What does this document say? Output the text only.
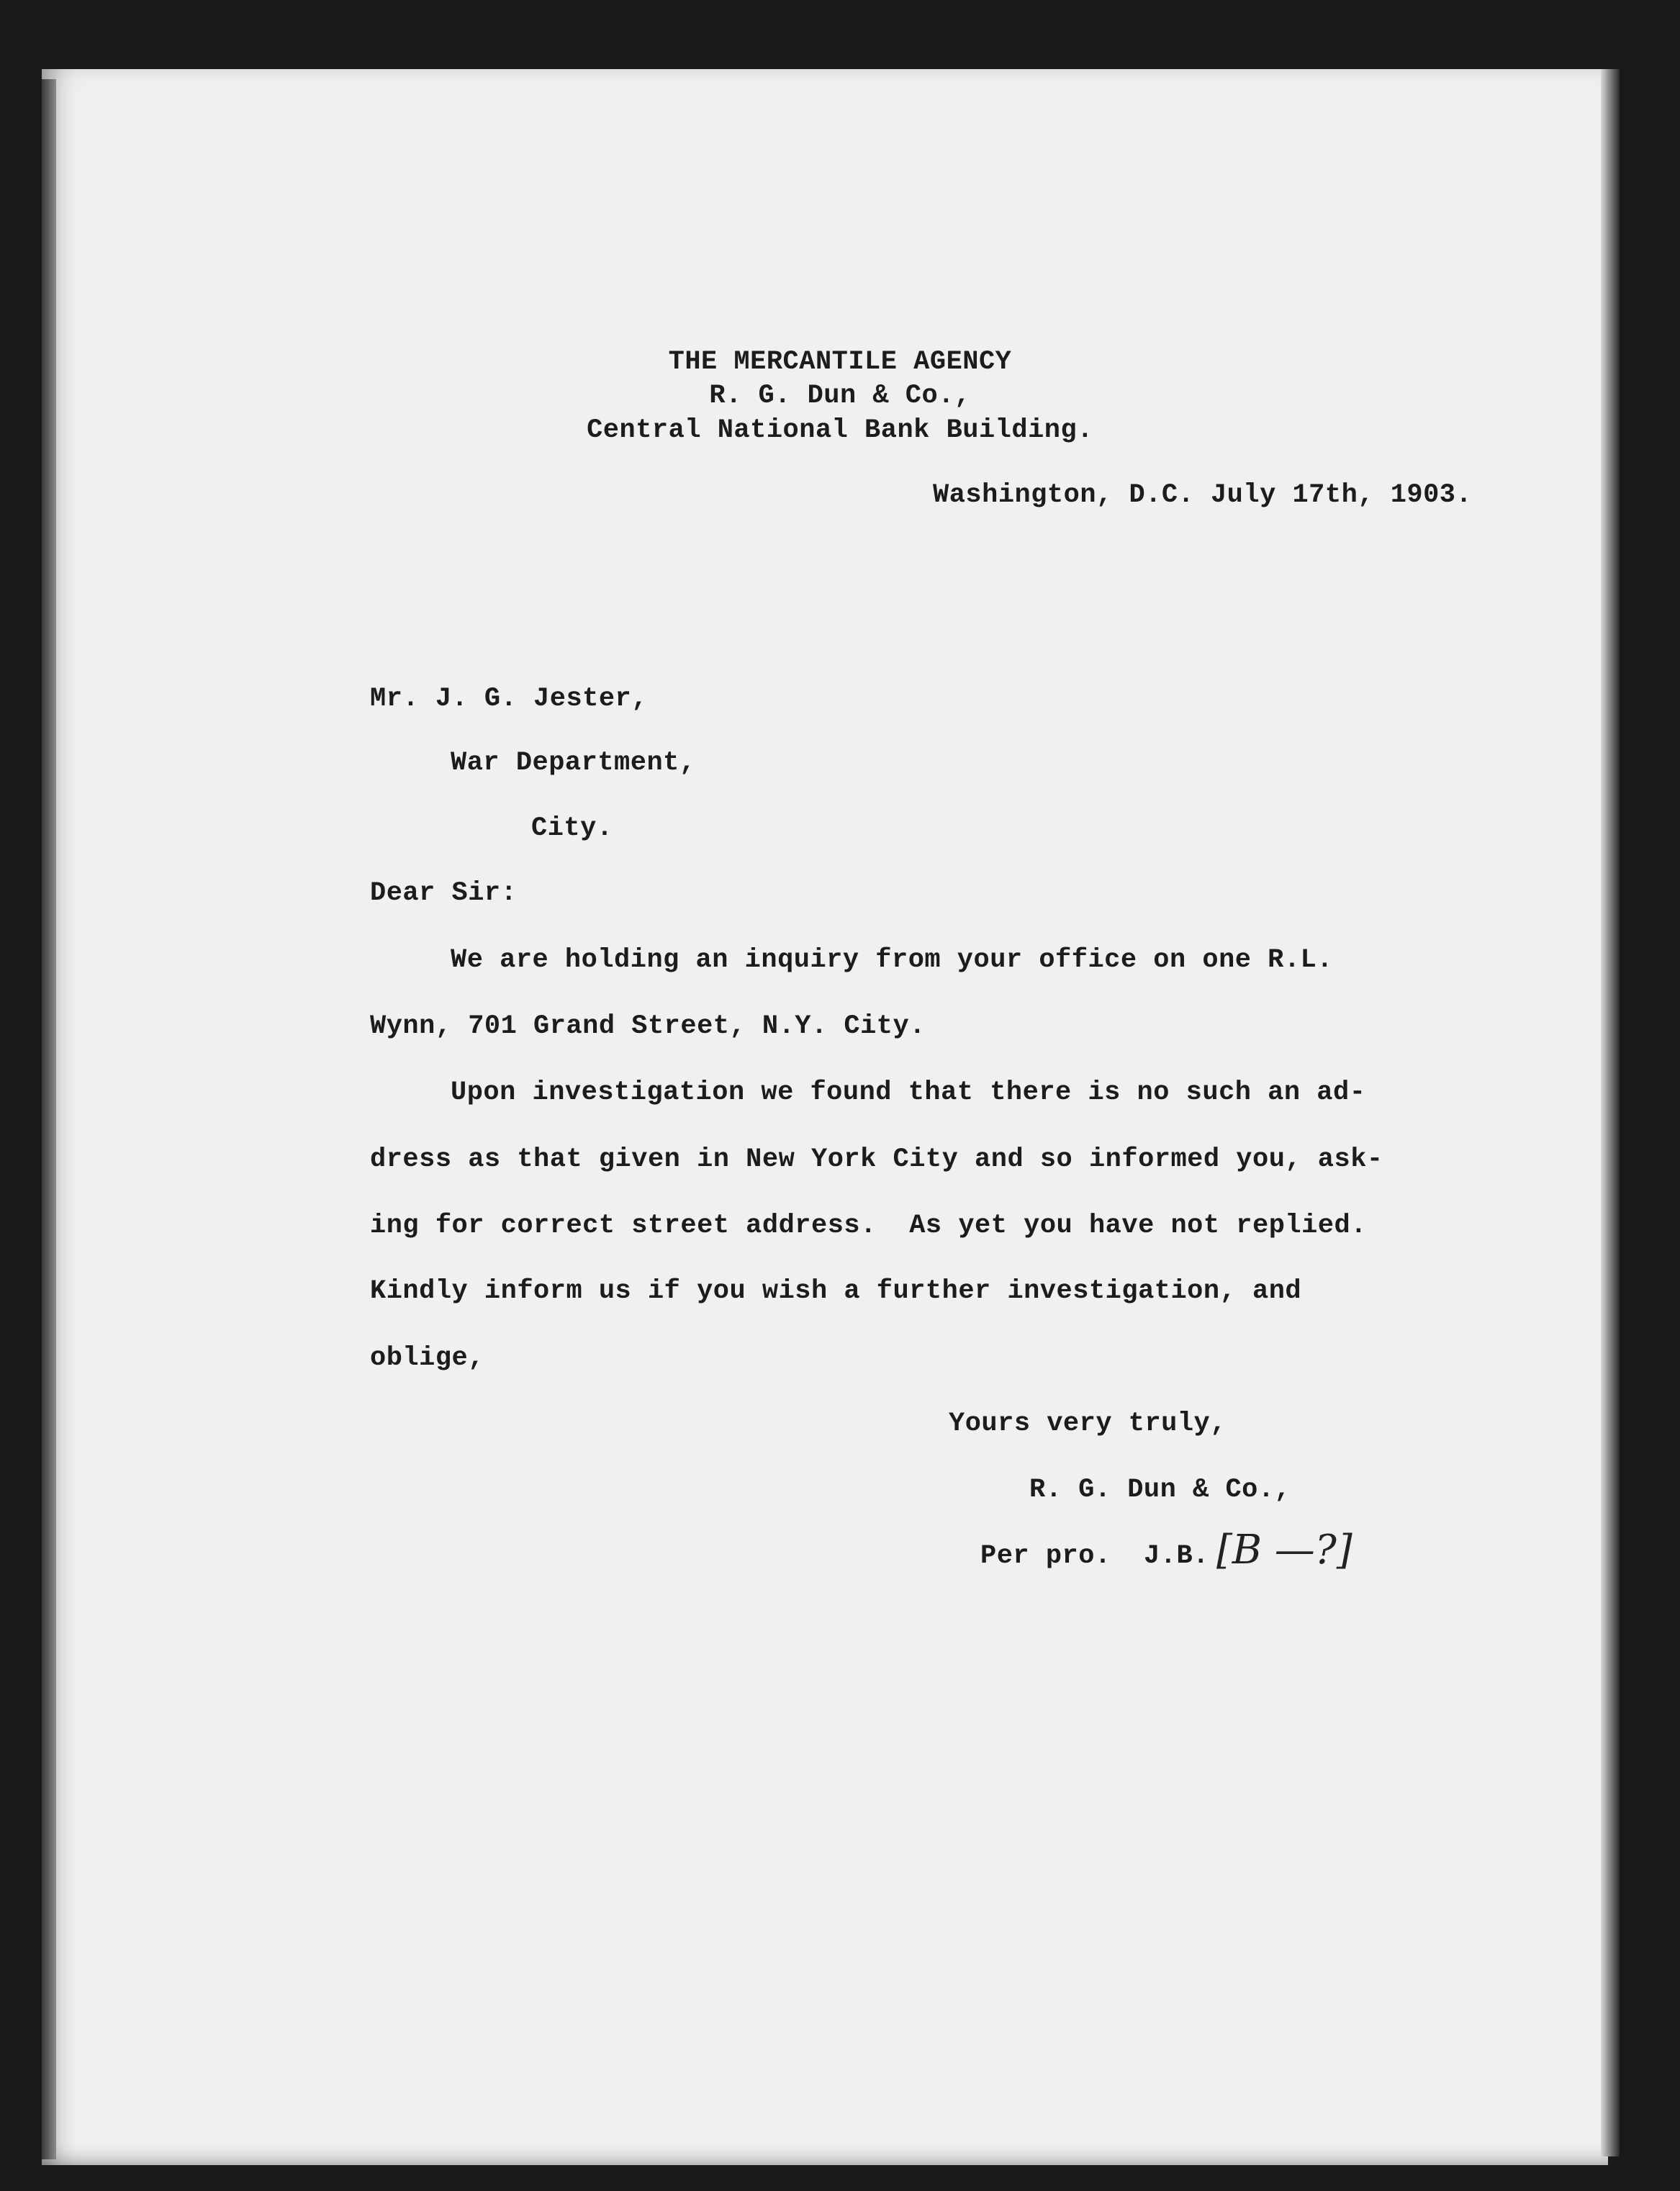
THE MERCANTILE AGENCY
R. G. Dun & Co.,
Central National Bank Building.
Washington, D.C. July 17th, 1903.
Mr. J. G. Jester,
War Department,
City.
Dear Sir:
We are holding an inquiry from your office on one R.L.
Wynn, 701 Grand Street, N.Y. City.
Upon investigation we found that there is no such an ad-
dress as that given in New York City and so informed you, ask-
ing for correct street address.  As yet you have not replied.
Kindly inform us if you wish a further investigation, and
oblige,
Yours very truly,
R. G. Dun & Co.,
Per pro.  J.B. [B —?]
